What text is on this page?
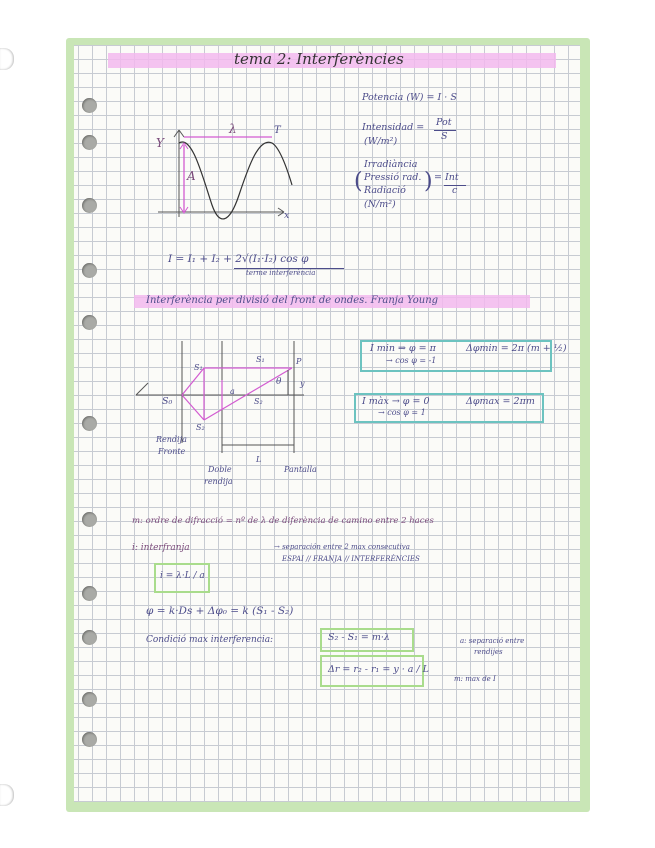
tema 2: Interferències
Potencia (W) = I · S
Intensidad = Pot
S
(W/m²)
Irradiància
( Pressió rad.
Radiació ) = Int
c
(N/m²)
Y
x
λ	T
A
I = I₁ + I₂ + 2√(I₁·I₂) cos φ
terme interferència
Interferència per divisió del front de ondes. Franja Young
S₀
S₁
S₂
S₁
S₂
P
y
θ
a
Rendija
Fronte
Doble
rendija
L
Pantalla
I min ⇒ φ = π
→ cos φ = -1
Δφmin = 2π (m + ½)
I màx → φ = 0
→ cos φ = 1
Δφmax = 2πm
m: ordre de difracció = nº de λ de diferència de camino entre 2 haces
i: interfranja	→ separación entre 2 max consecutiva
ESPAI // FRANJA // INTERFERÈNCIES
i = λ·L / a
φ = k·Ds + Δφ₀ = k (S₁ - S₂)
Condició max interferencia:	S₂ - S₁ = m·λ
Δr = r₂ - r₁ = y · a / L
a: separació entre
rendijes
m: max de I
